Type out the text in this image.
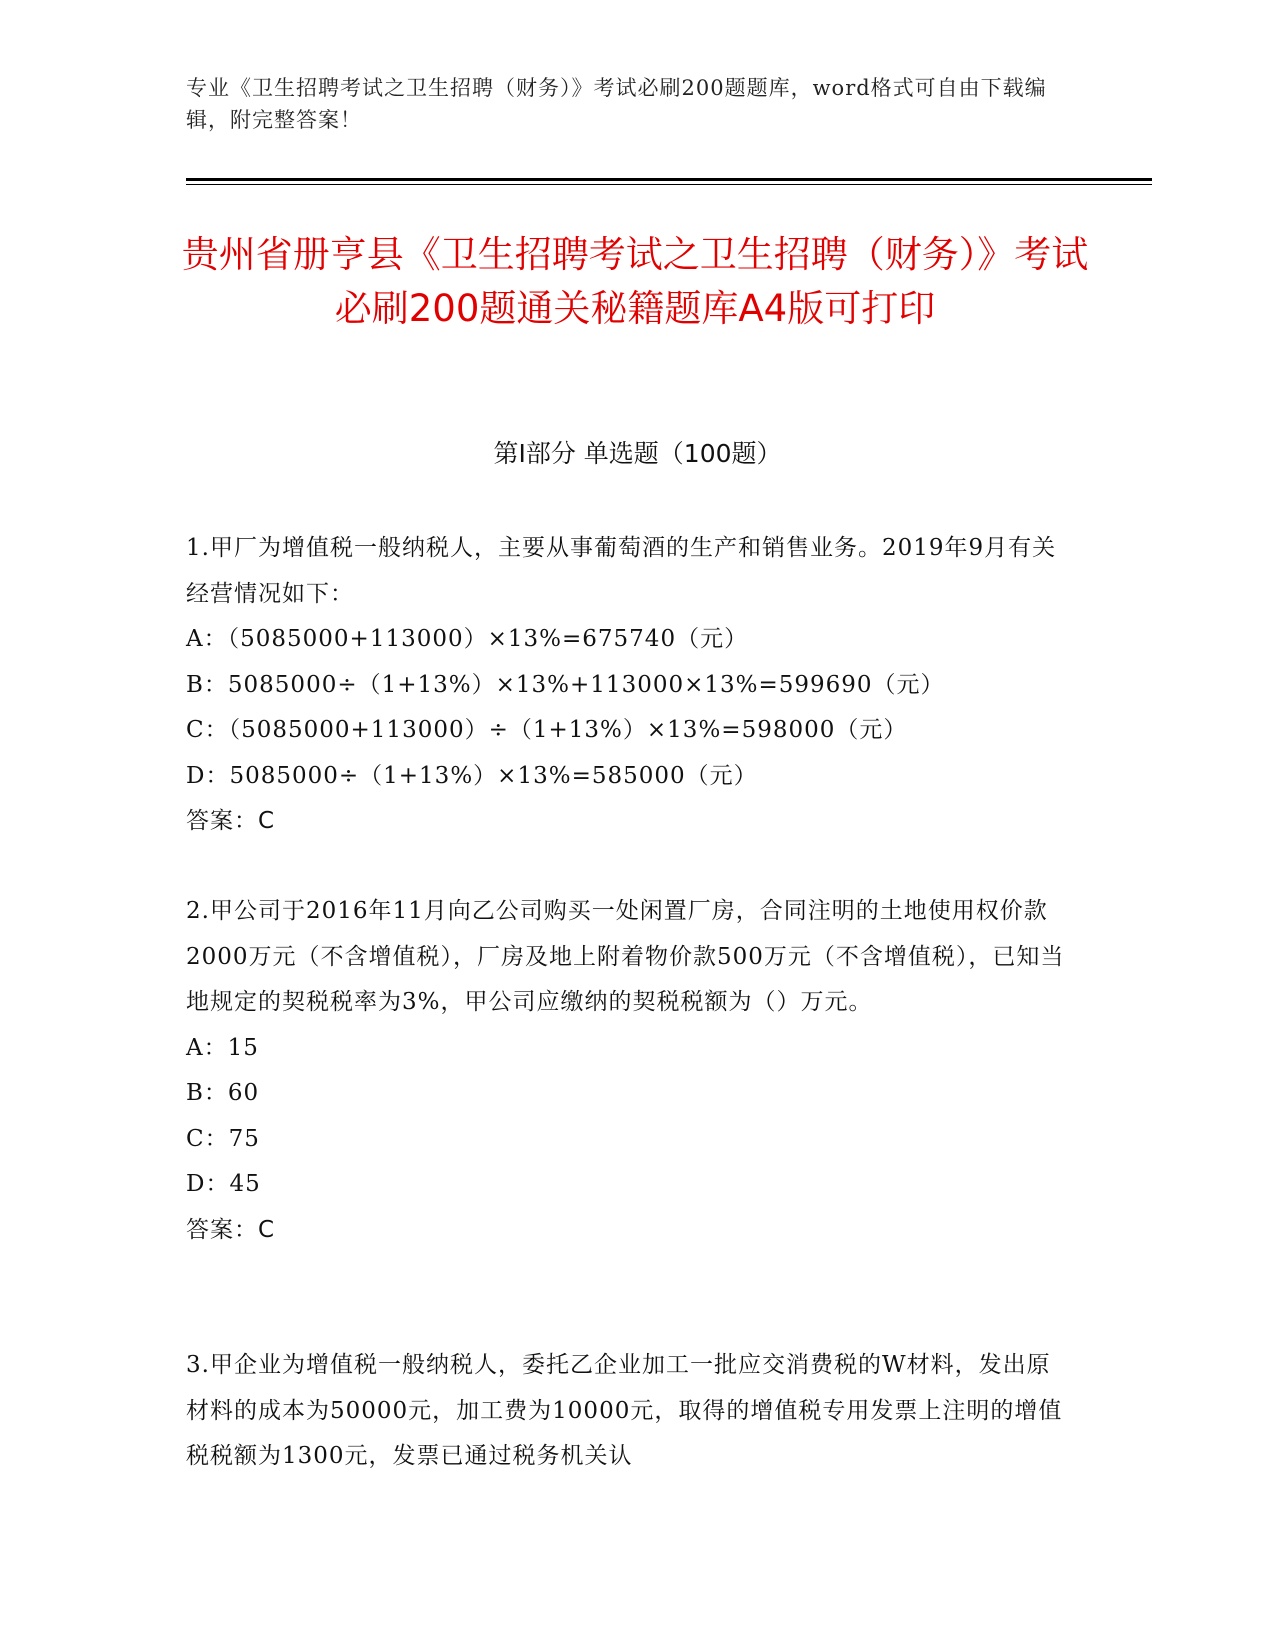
专业《卫生招聘考试之卫生招聘（财务）》考试必刷200题题库，word格式可自由下载编辑，附完整答案！
贵州省册亨县《卫生招聘考试之卫生招聘（财务）》考试必刷200题通关秘籍题库A4版可打印
第Ⅰ部分 单选题（100题）

1.甲厂为增值税一般纳税人，主要从事葡萄酒的生产和销售业务。2019年9月有关经营情况如下：

A：（5085000+113000）×13%=675740（元）

B：5085000÷（1+13%）×13%+113000×13%=599690（元）

C：（5085000+113000）÷（1+13%）×13%=598000（元）

D：5085000÷（1+13%）×13%=585000（元）

答案：C

2.甲公司于2016年11月向乙公司购买一处闲置厂房，合同注明的土地使用权价款2000万元（不含增值税），厂房及地上附着物价款500万元（不含增值税），已知当地规定的契税税率为3%，甲公司应缴纳的契税税额为（）万元。

A：15

B：60

C：75

D：45

答案：C

3.甲企业为增值税一般纳税人，委托乙企业加工一批应交消费税的W材料，发出原材料的成本为50000元，加工费为10000元，取得的增值税专用发票上注明的增值税税额为1300元，发票已通过税务机关认
